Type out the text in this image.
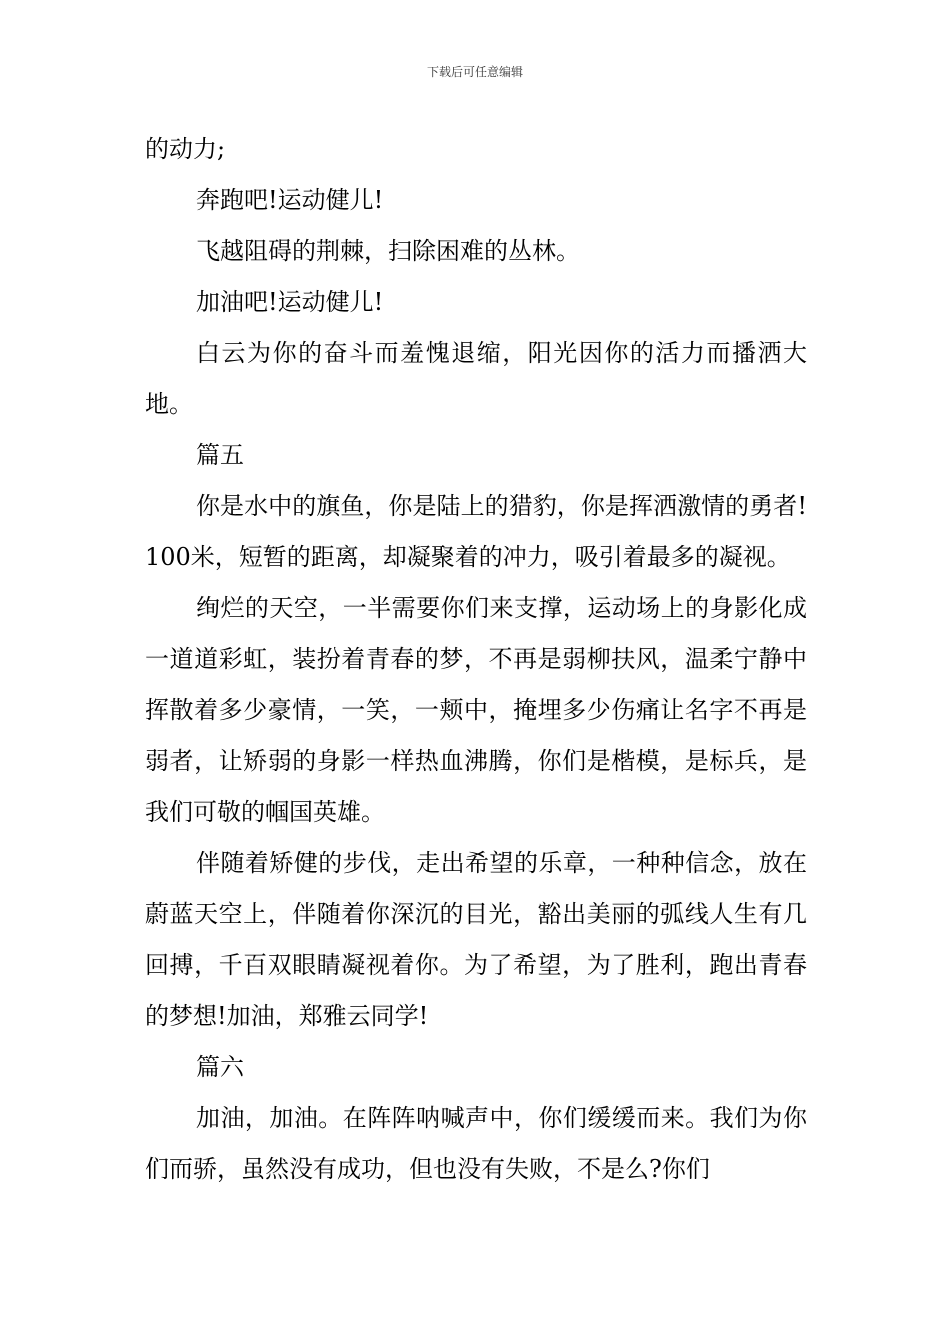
下载后可任意编辑

的动力;

奔跑吧!运动健儿!

飞越阻碍的荆棘，扫除困难的丛林。

加油吧!运动健儿!

白云为你的奋斗而羞愧退缩，阳光因你的活力而播洒大地。

篇五

你是水中的旗鱼，你是陆上的猎豹，你是挥洒激情的勇者!100米，短暂的距离，却凝聚着的冲力，吸引着最多的凝视。

绚烂的天空，一半需要你们来支撑，运动场上的身影化成一道道彩虹，装扮着青春的梦，不再是弱柳扶风，温柔宁静中挥散着多少豪情，一笑，一颊中，掩埋多少伤痛让名字不再是弱者，让矫弱的身影一样热血沸腾，你们是楷模，是标兵，是我们可敬的帼国英雄。

伴随着矫健的步伐，走出希望的乐章，一种种信念，放在蔚蓝天空上，伴随着你深沉的目光，豁出美丽的弧线人生有几回搏，千百双眼睛凝视着你。为了希望，为了胜利，跑出青春的梦想!加油，郑雅云同学!

篇六

加油，加油。在阵阵呐喊声中，你们缓缓而来。我们为你们而骄，虽然没有成功，但也没有失败，不是么?你们
